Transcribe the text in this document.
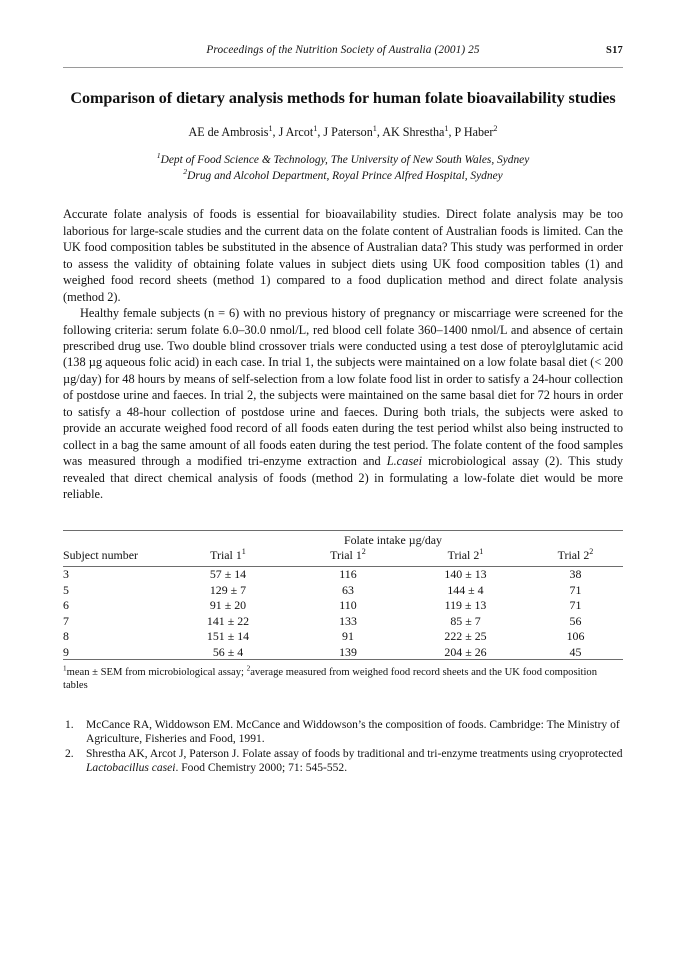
Proceedings of the Nutrition Society of Australia (2001) 25	S17
Comparison of dietary analysis methods for human folate bioavailability studies
AE de Ambrosis$^1$, J Arcot$^1$, J Paterson$^1$, AK Shrestha$^1$, P Haber$^2$
$^1$Dept of Food Science & Technology, The University of New South Wales, Sydney
$^2$Drug and Alcohol Department, Royal Prince Alfred Hospital, Sydney

Accurate folate analysis of foods is essential for bioavailability studies. Direct folate analysis may be too laborious for large-scale studies and the current data on the folate content of Australian foods is limited. Can the UK food composition tables be substituted in the absence of Australian data? This study was performed in order to assess the validity of obtaining folate values in subject diets using UK food composition tables (1) and weighed food record sheets (method 1) compared to a food duplication method and direct folate analysis (method 2).

Healthy female subjects (n = 6) with no previous history of pregnancy or miscarriage were screened for the following criteria: serum folate 6.0–30.0 nmol/L, red blood cell folate 360–1400 nmol/L and absence of certain prescribed drug use. Two double blind crossover trials were conducted using a test dose of pteroylglutamic acid (138 µg aqueous folic acid) in each case. In trial 1, the subjects were maintained on a low folate basal diet (< 200 µg/day) for 48 hours by means of self-selection from a low folate food list in order to satisfy a 24-hour collection of postdose urine and faeces. In trial 2, the subjects were maintained on the same basal diet for 72 hours in order to satisfy a 48-hour collection of postdose urine and faeces. During both trials, the subjects were asked to provide an accurate weighed food record of all foods eaten during the test period whilst also being instructed to collect in a bag the same amount of all foods eaten during the test period. The folate content of the food samples was measured through a modified tri-enzyme extraction and L.casei microbiological assay (2). This study revealed that direct chemical analysis of foods (method 2) in formulating a low-folate diet would be more reliable.

	Folate intake µg/day			
Subject number	Trial $1^1$	Trial $1^2$	Trial $2^1$	Trial $2^2$

3	57 ± 14	116	140 ± 13	38
5	129 ± 7	63	144 ± 4	71
6	91 ± 20	110	119 ± 13	71
7	141 ± 22	133	85 ± 7	56
8	151 ± 14	91	222 ± 25	106
9	56 ± 4	139	204 ± 26	45

$^1$mean ± SEM from microbiological assay; $^2$average measured from weighed food record sheets and the UK food composition tables
1. McCance RA, Widdowson EM. McCance and Widdowson’s the composition of foods. Cambridge: The Ministry of Agriculture, Fisheries and Food, 1991.
2. Shrestha AK, Arcot J, Paterson J. Folate assay of foods by traditional and tri-enzyme treatments using cryoprotected Lactobacillus casei. Food Chemistry 2000; 71: 545-552.
